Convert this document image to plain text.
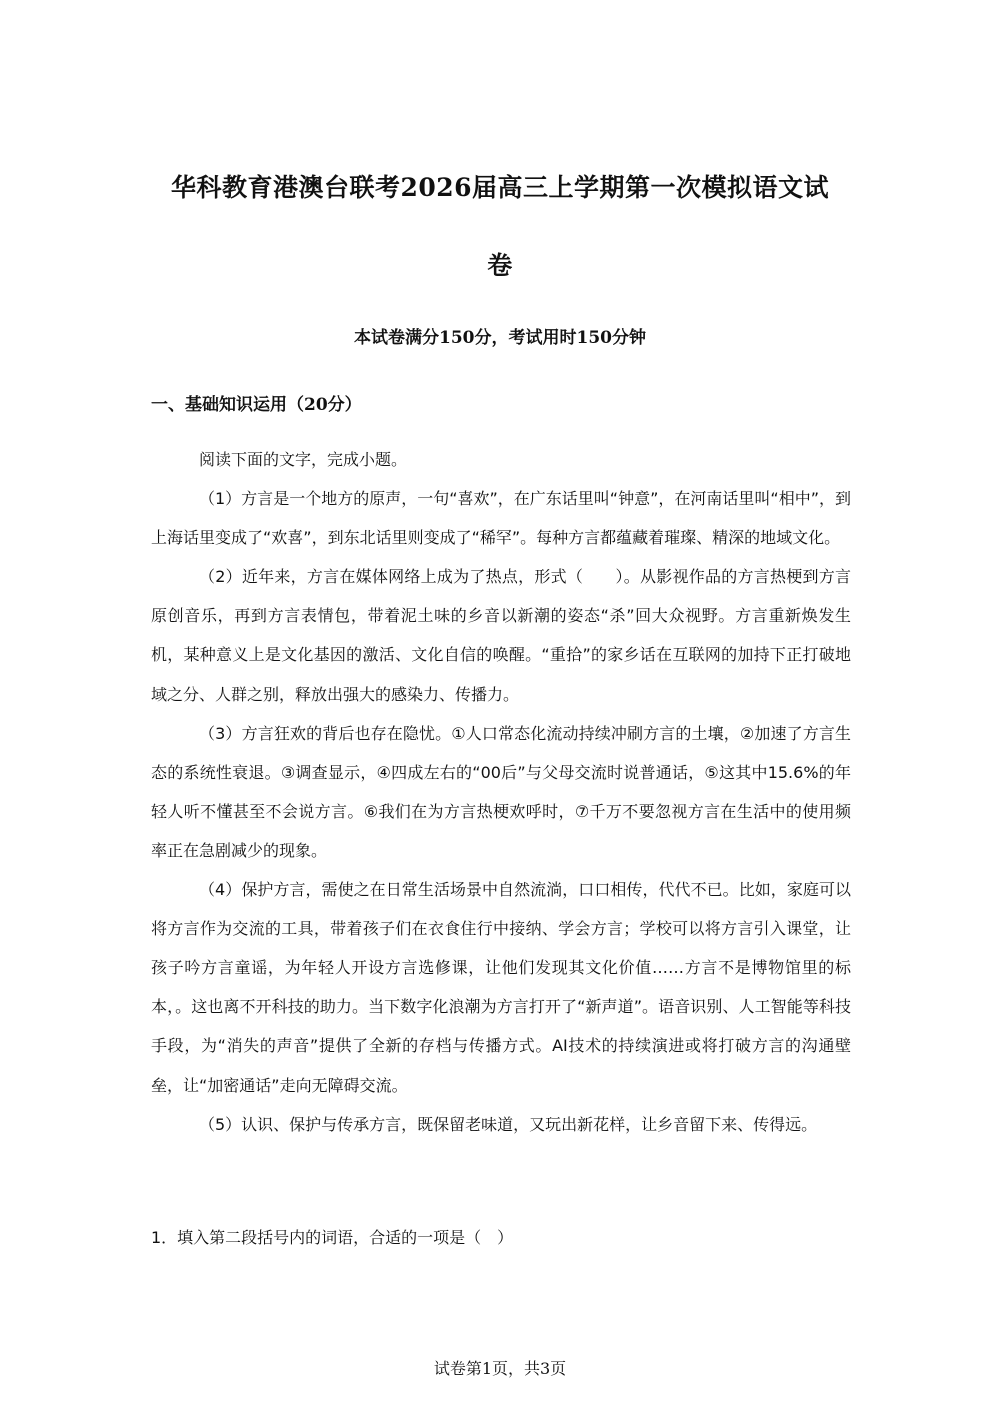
华科教育港澳台联考2026届高三上学期第一次模拟语文试
卷
本试卷满分150分，考试用时150分钟
一、基础知识运用（20分）

阅读下面的文字，完成小题。

（1）方言是一个地方的原声，一句“喜欢”，在广东话里叫“钟意”，在河南话里叫“相中”，到上海话里变成了“欢喜”，到东北话里则变成了“稀罕”。每种方言都蕴藏着璀璨、精深的地域文化。

（2）近年来，方言在媒体网络上成为了热点，形式（　　）。从影视作品的方言热梗到方言原创音乐，再到方言表情包，带着泥土味的乡音以新潮的姿态“杀”回大众视野。方言重新焕发生机，某种意义上是文化基因的激活、文化自信的唤醒。“重拾”的家乡话在互联网的加持下正打破地域之分、人群之别，释放出强大的感染力、传播力。

（3）方言狂欢的背后也存在隐忧。①人口常态化流动持续冲刷方言的土壤，②加速了方言生态的系统性衰退。③调查显示，④四成左右的“00后”与父母交流时说普通话，⑤这其中15.6%的年轻人听不懂甚至不会说方言。⑥我们在为方言热梗欢呼时，⑦千万不要忽视方言在生活中的使用频率正在急剧减少的现象。

（4）保护方言，需使之在日常生活场景中自然流淌，口口相传，代代不已。比如，家庭可以将方言作为交流的工具，带着孩子们在衣食住行中接纳、学会方言；学校可以将方言引入课堂，让孩子吟方言童谣，为年轻人开设方言选修课，让他们发现其文化价值……方言不是博物馆里的标本，。这也离不开科技的助力。当下数字化浪潮为方言打开了“新声道”。语音识别、人工智能等科技手段，为“消失的声音”提供了全新的存档与传播方式。AI技术的持续演进或将打破方言的沟通壁垒，让“加密通话”走向无障碍交流。

（5）认识、保护与传承方言，既保留老味道，又玩出新花样，让乡音留下来、传得远。

1．填入第二段括号内的词语，合适的一项是（　）
试卷第1页，共3页
